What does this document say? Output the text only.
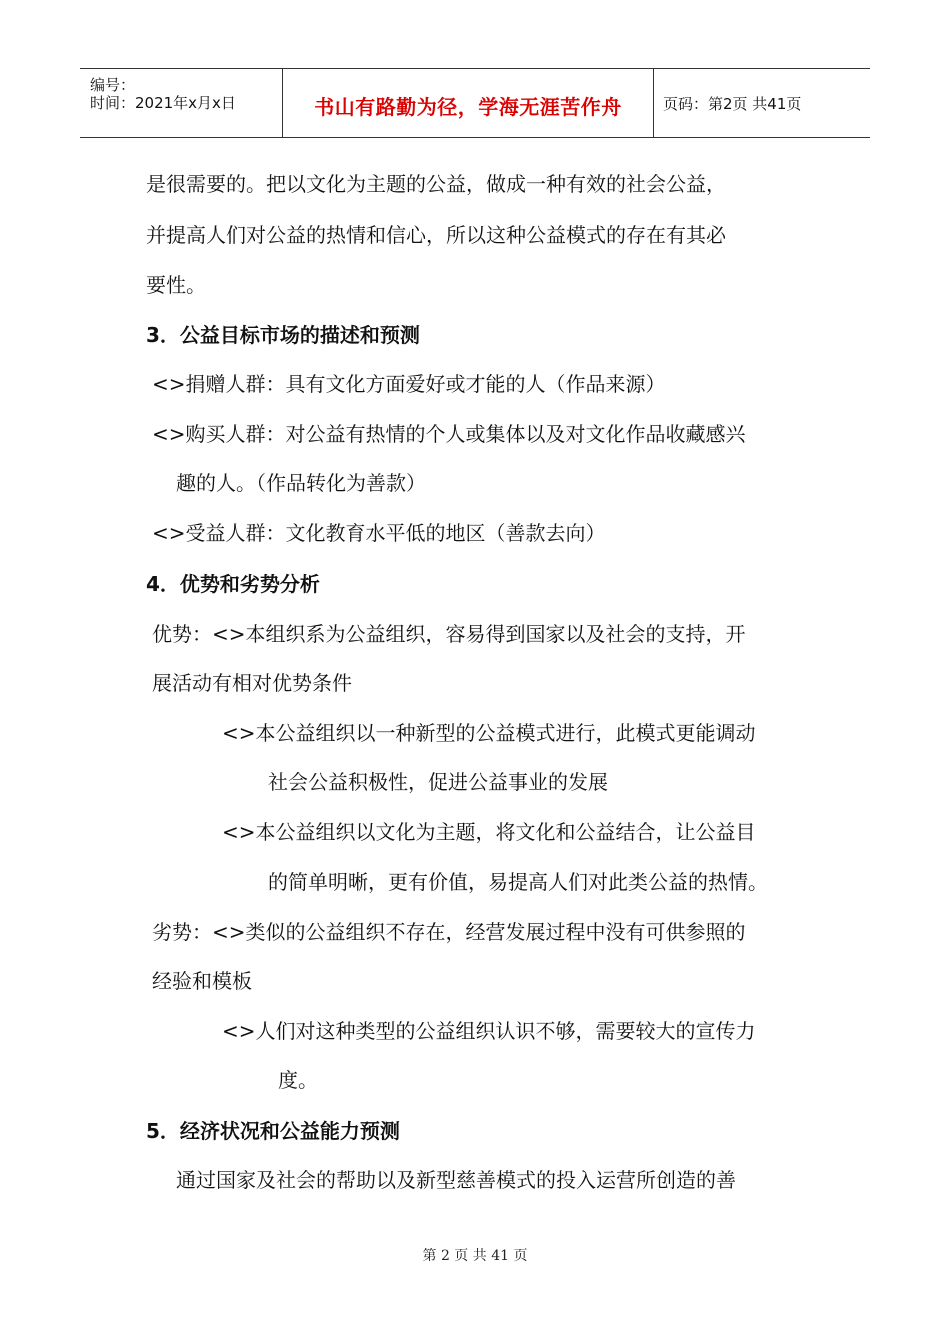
编号：
时间：2021年x月x日	书山有路勤为径，学海无涯苦作舟	页码：第2页 共41页
是很需要的。把以文化为主题的公益，做成一种有效的社会公益，
并提高人们对公益的热情和信心，所以这种公益模式的存在有其必
要性。
3．公益目标市场的描述和预测
<>捐赠人群：具有文化方面爱好或才能的人（作品来源）
<>购买人群：对公益有热情的个人或集体以及对文化作品收藏感兴
趣的人。（作品转化为善款）
<>受益人群：文化教育水平低的地区（善款去向）
4．优势和劣势分析
优势：<>本组织系为公益组织，容易得到国家以及社会的支持，开
展活动有相对优势条件
<>本公益组织以一种新型的公益模式进行，此模式更能调动
社会公益积极性，促进公益事业的发展
<>本公益组织以文化为主题，将文化和公益结合，让公益目
的简单明晰，更有价值，易提高人们对此类公益的热情。
劣势：<>类似的公益组织不存在，经营发展过程中没有可供参照的
经验和模板
<>人们对这种类型的公益组织认识不够，需要较大的宣传力
度。
5．经济状况和公益能力预测
通过国家及社会的帮助以及新型慈善模式的投入运营所创造的善
第 2 页 共 41 页
